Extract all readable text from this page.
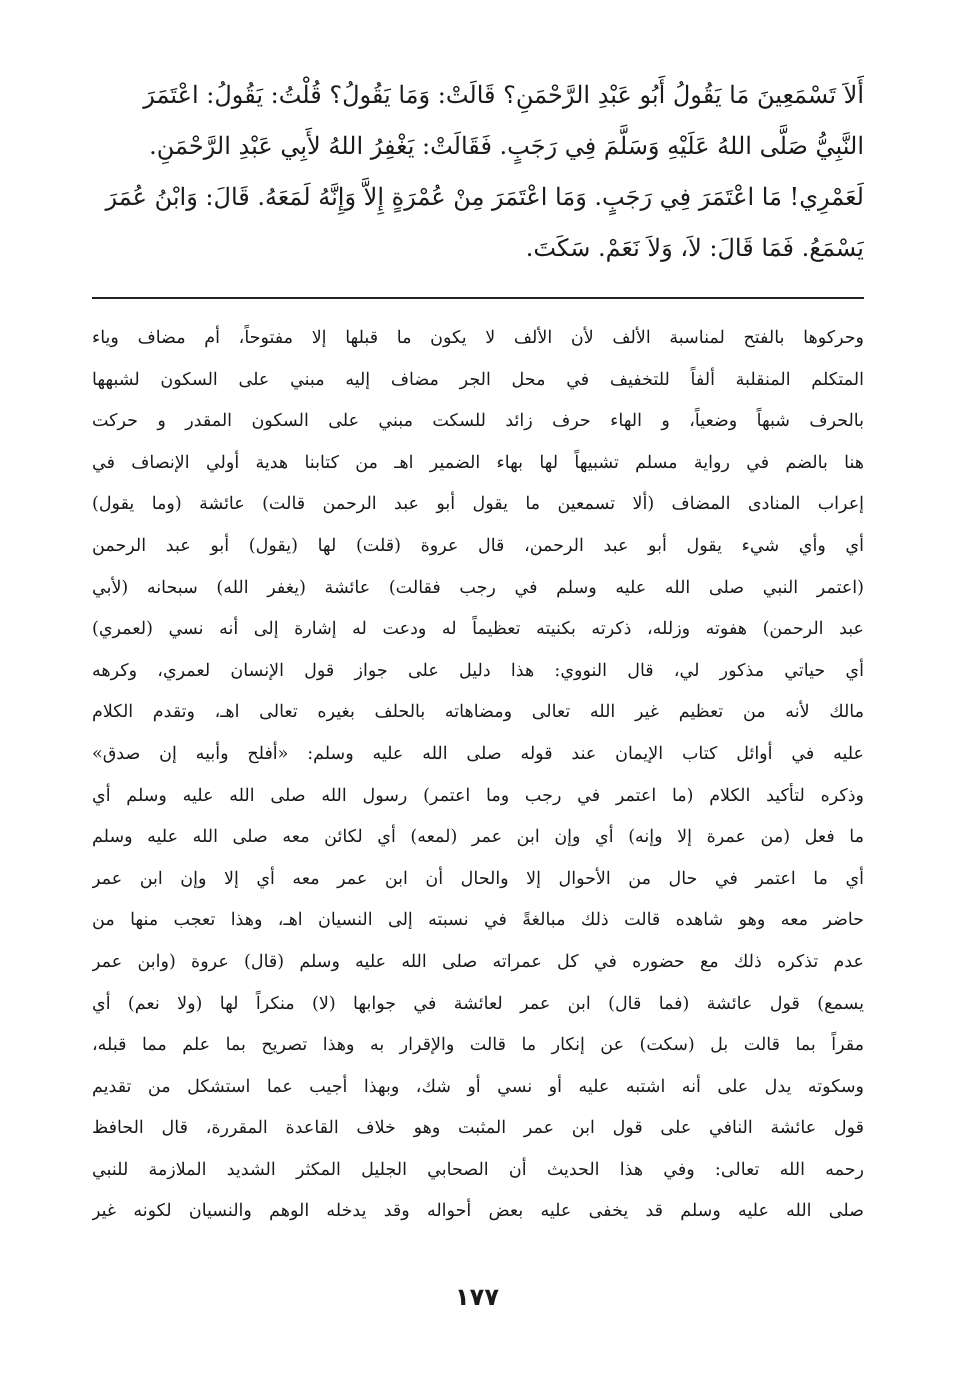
أَلاَ تَسْمَعِينَ مَا يَقُولُ أَبُو عَبْدِ الرَّحْمَنِ؟ قَالَتْ: وَمَا يَقُولُ؟ قُلْتُ: يَقُولُ: اعْتَمَرَ
النَّبِيُّ صَلَّى اللهُ عَلَيْهِ وَسَلَّمَ فِي رَجَبٍ. فَقَالَتْ: يَغْفِرُ اللهُ لأَبِي عَبْدِ الرَّحْمَنِ.
لَعَمْرِي! مَا اعْتَمَرَ فِي رَجَبٍ. وَمَا اعْتَمَرَ مِنْ عُمْرَةٍ إِلاَّ وَإِنَّهُ لَمَعَهُ. قَالَ: وَابْنُ عُمَرَ
يَسْمَعُ. فَمَا قَالَ: لاَ، وَلاَ نَعَمْ. سَكَتَ.

وحركوها بالفتح لمناسبة الألف لأن الألف لا يكون ما قبلها إلا مفتوحاً، أم مضاف وياء
المتكلم المنقلبة ألفاً للتخفيف في محل الجر مضاف إليه مبني على السكون لشبهها
بالحرف شبهاً وضعياً، و الهاء حرف زائد للسكت مبني على السكون المقدر و حركت
هنا بالضم في رواية مسلم تشبيهاً لها بهاء الضمير اهـ من كتابنا هدية أولي الإنصاف في
إعراب المنادى المضاف (ألا تسمعين ما يقول أبو عبد الرحمن قالت) عائشة (وما يقول)
أي وأي شيء يقول أبو عبد الرحمن، قال عروة (قلت) لها (يقول) أبو عبد الرحمن
(اعتمر النبي صلى الله عليه وسلم في رجب فقالت) عائشة (يغفر الله) سبحانه (لأبي
عبد الرحمن) هفوته وزلله، ذكرته بكنيته تعظيماً له ودعت له إشارة إلى أنه نسي (لعمري)
أي حياتي مذكور لي، قال النووي: هذا دليل على جواز قول الإنسان لعمري، وكرهه
مالك لأنه من تعظيم غير الله تعالى ومضاهاته بالحلف بغيره تعالى اهـ، وتقدم الكلام
عليه في أوائل كتاب الإيمان عند قوله صلى الله عليه وسلم: «أفلح وأبيه إن صدق»
وذكره لتأكيد الكلام (ما اعتمر في رجب وما اعتمر) رسول الله صلى الله عليه وسلم أي
ما فعل (من عمرة إلا وإنه) أي وإن ابن عمر (لمعه) أي لكائن معه صلى الله عليه وسلم
أي ما اعتمر في حال من الأحوال إلا والحال أن ابن عمر معه أي إلا وإن ابن عمر
حاضر معه وهو شاهده قالت ذلك مبالغةً في نسبته إلى النسيان اهـ، وهذا تعجب منها من
عدم تذكره ذلك مع حضوره في كل عمراته صلى الله عليه وسلم (قال) عروة (وابن عمر
يسمع) قول عائشة (فما قال) ابن عمر لعائشة في جوابها (لا) منكراً لها (ولا نعم) أي
مقراً بما قالت بل (سكت) عن إنكار ما قالت والإقرار به وهذا تصريح بما علم مما قبله،
وسكوته يدل على أنه اشتبه عليه أو نسي أو شك، وبهذا أجيب عما استشكل من تقديم
قول عائشة النافي على قول ابن عمر المثبت وهو خلاف القاعدة المقررة، قال الحافظ
رحمه الله تعالى: وفي هذا الحديث أن الصحابي الجليل المكثر الشديد الملازمة للنبي
صلى الله عليه وسلم قد يخفى عليه بعض أحواله وقد يدخله الوهم والنسيان لكونه غير
١٧٧
